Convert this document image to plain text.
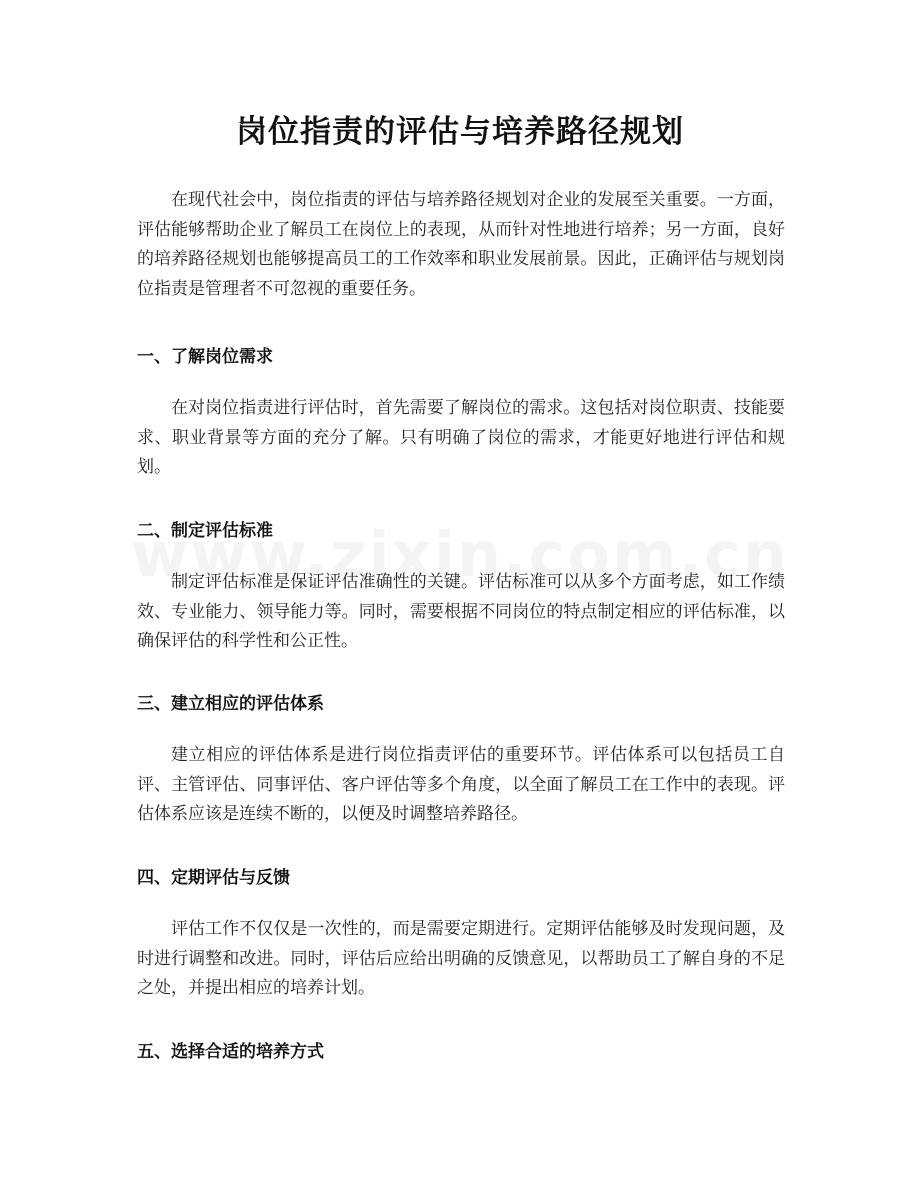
岗位指责的评估与培养路径规划

在现代社会中，岗位指责的评估与培养路径规划对企业的发展至关重要。一方面，评估能够帮助企业了解员工在岗位上的表现，从而针对性地进行培养；另一方面，良好的培养路径规划也能够提高员工的工作效率和职业发展前景。因此，正确评估与规划岗位指责是管理者不可忽视的重要任务。

一、了解岗位需求

在对岗位指责进行评估时，首先需要了解岗位的需求。这包括对岗位职责、技能要求、职业背景等方面的充分了解。只有明确了岗位的需求，才能更好地进行评估和规划。

二、制定评估标准

制定评估标准是保证评估准确性的关键。评估标准可以从多个方面考虑，如工作绩效、专业能力、领导能力等。同时，需要根据不同岗位的特点制定相应的评估标准，以确保评估的科学性和公正性。

三、建立相应的评估体系

建立相应的评估体系是进行岗位指责评估的重要环节。评估体系可以包括员工自评、主管评估、同事评估、客户评估等多个角度，以全面了解员工在工作中的表现。评估体系应该是连续不断的，以便及时调整培养路径。

四、定期评估与反馈

评估工作不仅仅是一次性的，而是需要定期进行。定期评估能够及时发现问题，及时进行调整和改进。同时，评估后应给出明确的反馈意见，以帮助员工了解自身的不足之处，并提出相应的培养计划。

五、选择合适的培养方式
